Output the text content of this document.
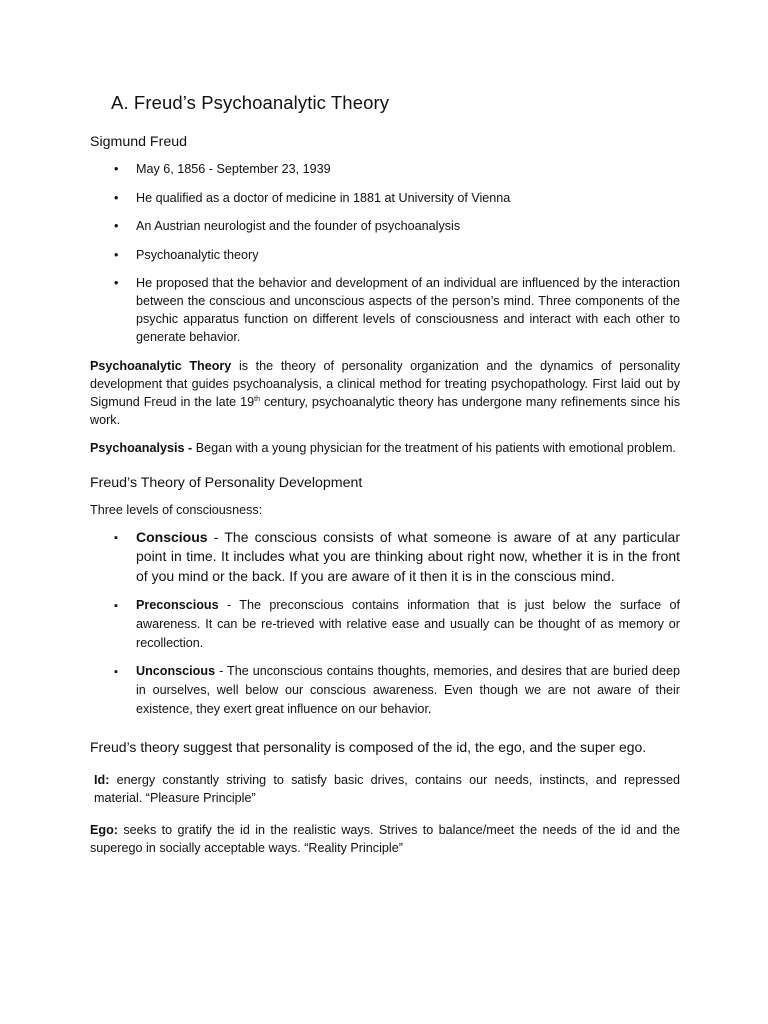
A. Freud’s Psychoanalytic Theory
Sigmund Freud
• May 6, 1856 - September 23, 1939
• He qualified as a doctor of medicine in 1881 at University of Vienna
• An Austrian neurologist and the founder of psychoanalysis
• Psychoanalytic theory
• He proposed that the behavior and development of an individual are influenced by the interaction between the conscious and unconscious aspects of the person’s mind. Three components of the psychic apparatus function on different levels of consciousness and interact with each other to generate behavior.

Psychoanalytic Theory is the theory of personality organization and the dynamics of personality development that guides psychoanalysis, a clinical method for treating psychopathology. First laid out by Sigmund Freud in the late 19th century, psychoanalytic theory has undergone many refinements since his work.

Psychoanalysis - Began with a young physician for the treatment of his patients with emotional problem.

Freud’s Theory of Personality Development

Three levels of consciousness:

▪ Conscious - The conscious consists of what someone is aware of at any particular point in time. It includes what you are thinking about right now, whether it is in the front of you mind or the back. If you are aware of it then it is in the conscious mind.
▪ Preconscious - The preconscious contains information that is just below the surface of awareness. It can be re-trieved with relative ease and usually can be thought of as memory or recollection.
▪ Unconscious - The unconscious contains thoughts, memories, and desires that are buried deep in ourselves, well below our conscious awareness. Even though we are not aware of their existence, they exert great influence on our behavior.
Freud’s theory suggest that personality is composed of the id, the ego, and the super ego.

Id: energy constantly striving to satisfy basic drives, contains our needs, instincts, and repressed material. “Pleasure Principle”

Ego: seeks to gratify the id in the realistic ways. Strives to balance/meet the needs of the id and the superego in socially acceptable ways. “Reality Principle”
